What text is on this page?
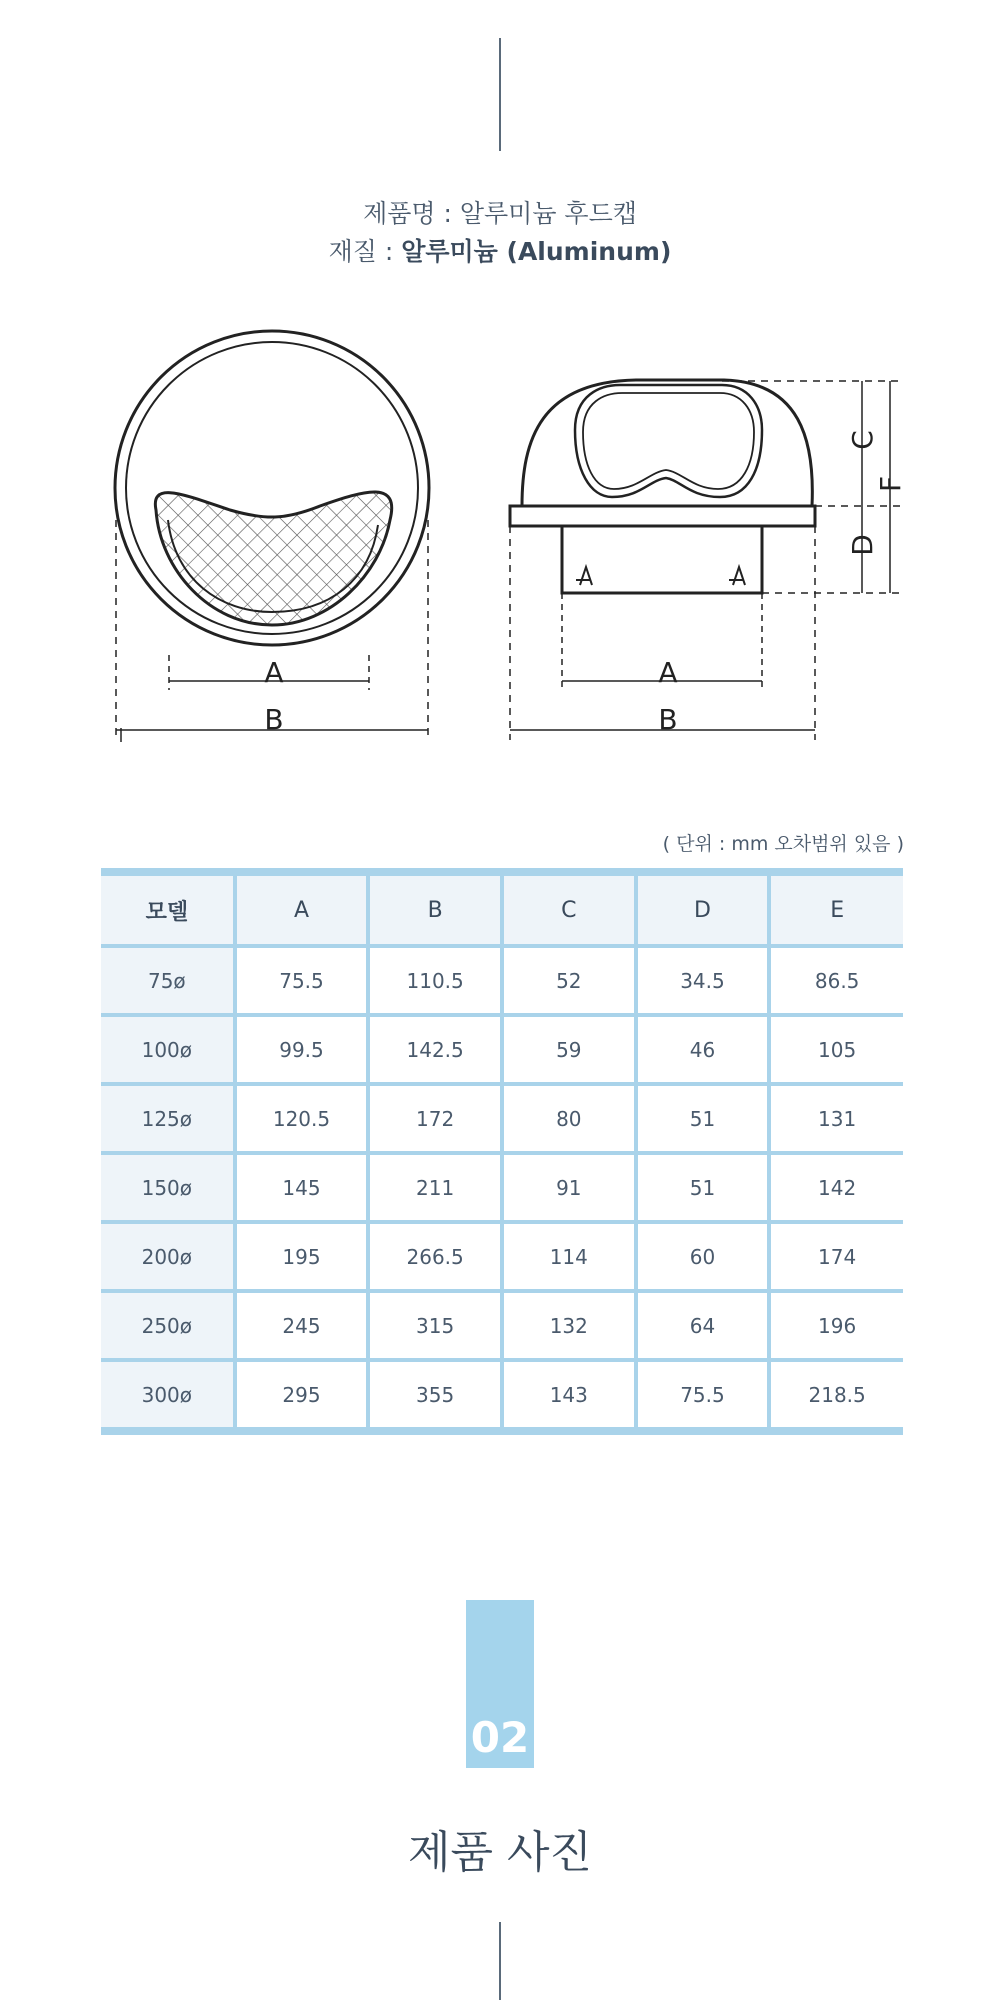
제품명 : 알루미늄 후드캡
재질 : 알루미늄 (Aluminum)
A
B
A
B
C
D
F
( 단위 : mm 오차범위 있음 )
모델	A	B	C	D	E
75ø	75.5	110.5	52	34.5	86.5
100ø	99.5	142.5	59	46	105
125ø	120.5	172	80	51	131
150ø	145	211	91	51	142
200ø	195	266.5	114	60	174
250ø	245	315	132	64	196
300ø	295	355	143	75.5	218.5
02
제품 사진
